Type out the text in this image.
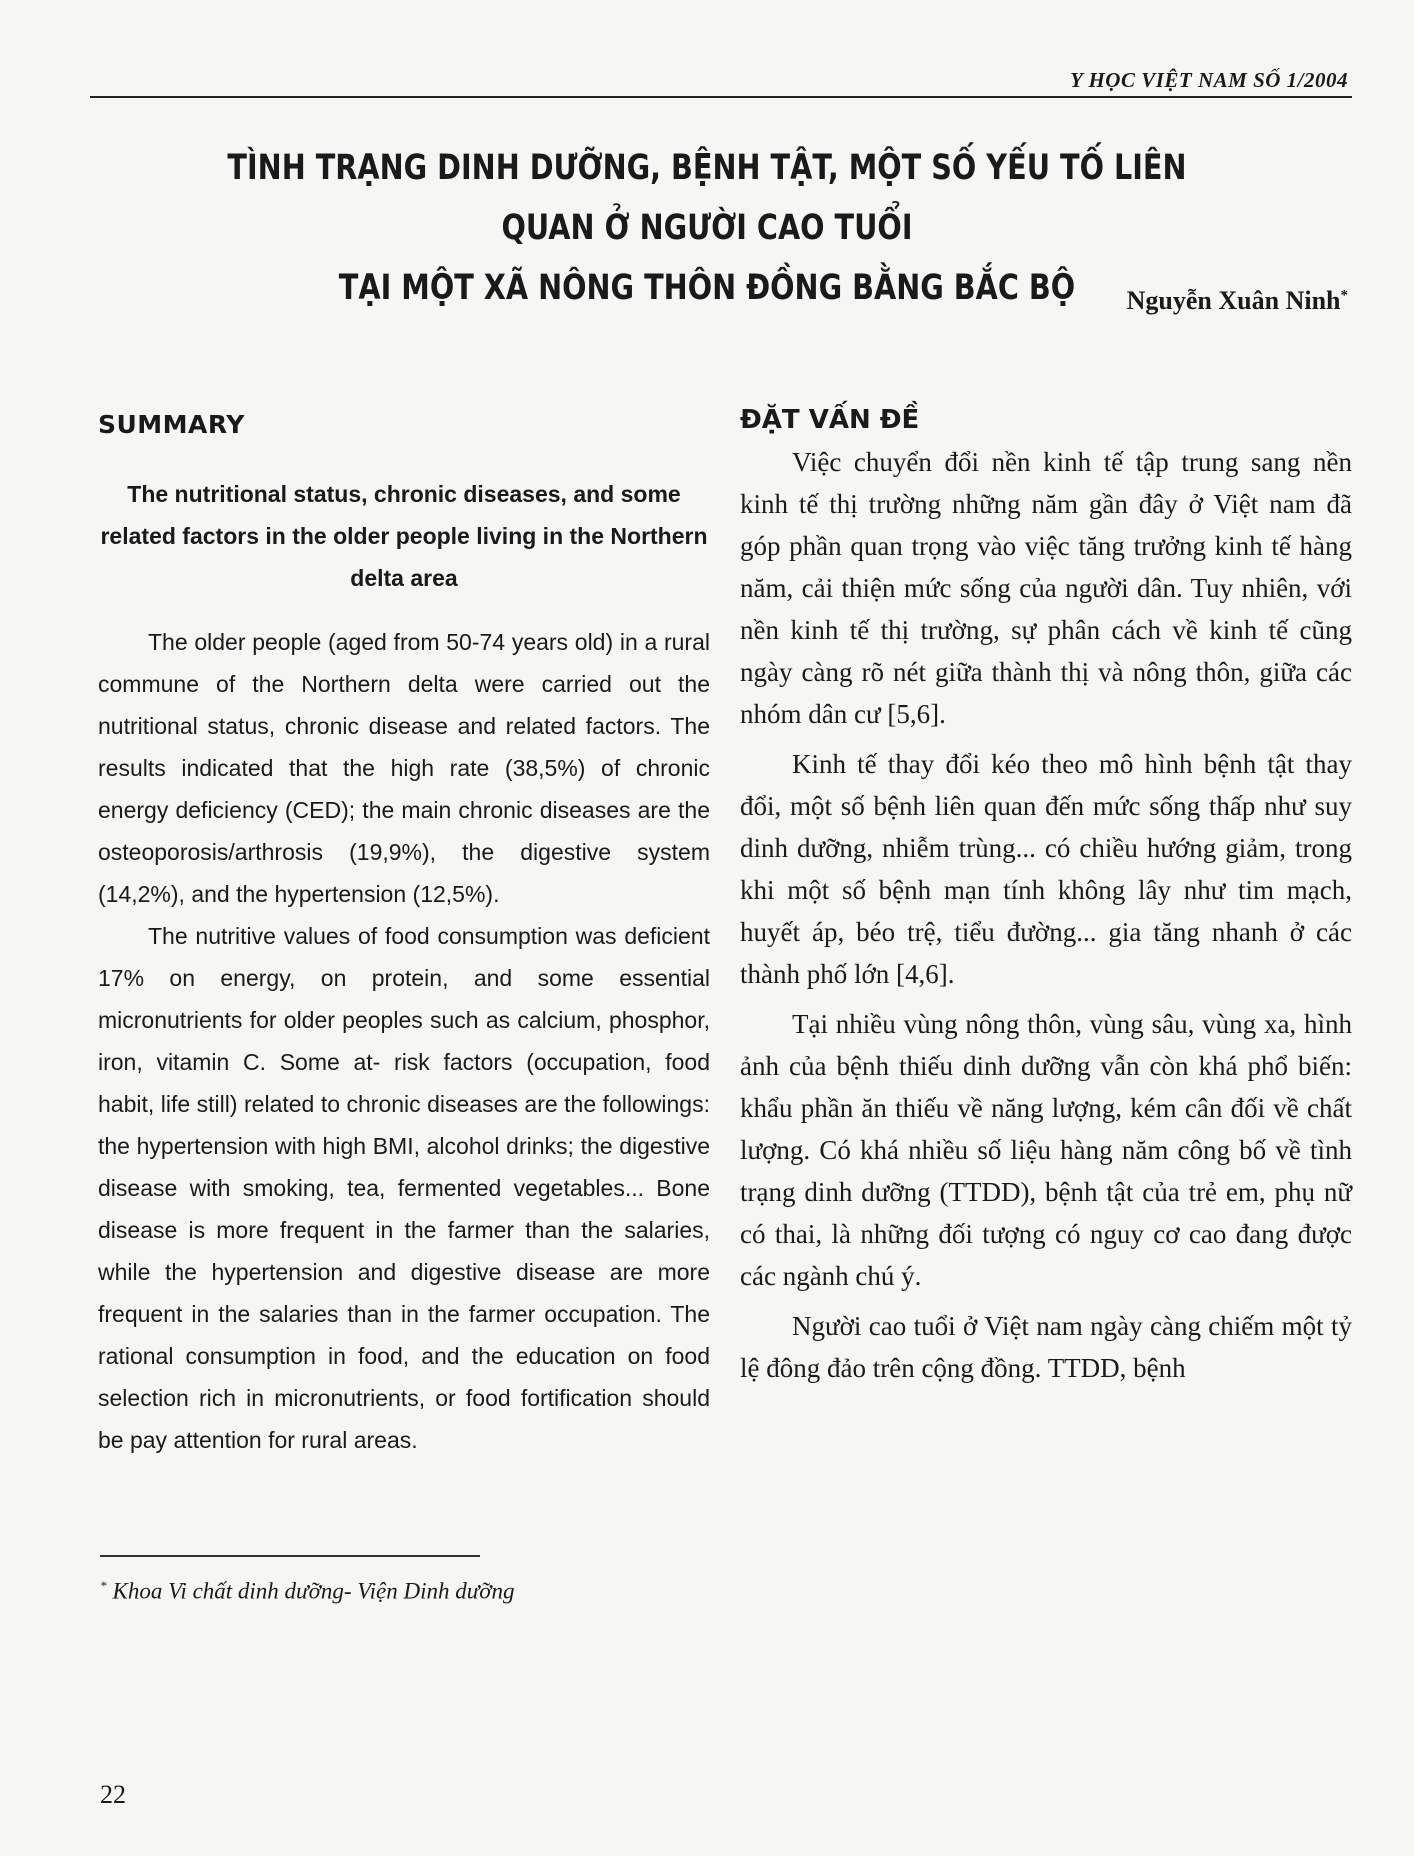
Y HỌC VIỆT NAM SỐ 1/2004
TÌNH TRẠNG DINH DƯỠNG, BỆNH TẬT, MỘT SỐ YẾU TỐ LIÊN QUAN Ở NGƯỜI CAO TUỔI
TẠI MỘT XÃ NÔNG THÔN ĐỒNG BẰNG BẮC BỘ	Nguyễn Xuân Ninh*
SUMMARY
The nutritional status, chronic diseases, and some related factors in the older people living in the Northern delta area

The older people (aged from 50-74 years old) in a rural commune of the Northern delta were carried out the nutritional status, chronic disease and related factors. The results indicated that the high rate (38,5%) of chronic energy deficiency (CED); the main chronic diseases are the osteoporosis/arthrosis (19,9%), the digestive system (14,2%), and the hypertension (12,5%).

The nutritive values of food consumption was deficient 17% on energy, on protein, and some essential micronutrients for older peoples such as calcium, phosphor, iron, vitamin C. Some at- risk factors (occupation, food habit, life still) related to chronic diseases are the followings: the hypertension with high BMI, alcohol drinks; the digestive disease with smoking, tea, fermented vegetables... Bone disease is more frequent in the farmer than the salaries, while the hypertension and digestive disease are more frequent in the salaries than in the farmer occupation. The rational consumption in food, and the education on food selection rich in micronutrients, or food fortification should be pay attention for rural areas.

ĐẶT VẤN ĐỀ

Việc chuyển đổi nền kinh tế tập trung sang nền kinh tế thị trường những năm gần đây ở Việt nam đã góp phần quan trọng vào việc tăng trưởng kinh tế hàng năm, cải thiện mức sống của người dân. Tuy nhiên, với nền kinh tế thị trường, sự phân cách về kinh tế cũng ngày càng rõ nét giữa thành thị và nông thôn, giữa các nhóm dân cư [5,6].

Kinh tế thay đổi kéo theo mô hình bệnh tật thay đổi, một số bệnh liên quan đến mức sống thấp như suy dinh dưỡng, nhiễm trùng... có chiều hướng giảm, trong khi một số bệnh mạn tính không lây như tim mạch, huyết áp, béo trệ, tiểu đường... gia tăng nhanh ở các thành phố lớn [4,6].

Tại nhiều vùng nông thôn, vùng sâu, vùng xa, hình ảnh của bệnh thiếu dinh dưỡng vẫn còn khá phổ biến: khẩu phần ăn thiếu về năng lượng, kém cân đối về chất lượng. Có khá nhiều số liệu hàng năm công bố về tình trạng dinh dưỡng (TTDD), bệnh tật của trẻ em, phụ nữ có thai, là những đối tượng có nguy cơ cao đang được các ngành chú ý.

Người cao tuổi ở Việt nam ngày càng chiếm một tỷ lệ đông đảo trên cộng đồng. TTDD, bệnh

* Khoa Vi chất dinh dưỡng- Viện Dinh dưỡng
22
